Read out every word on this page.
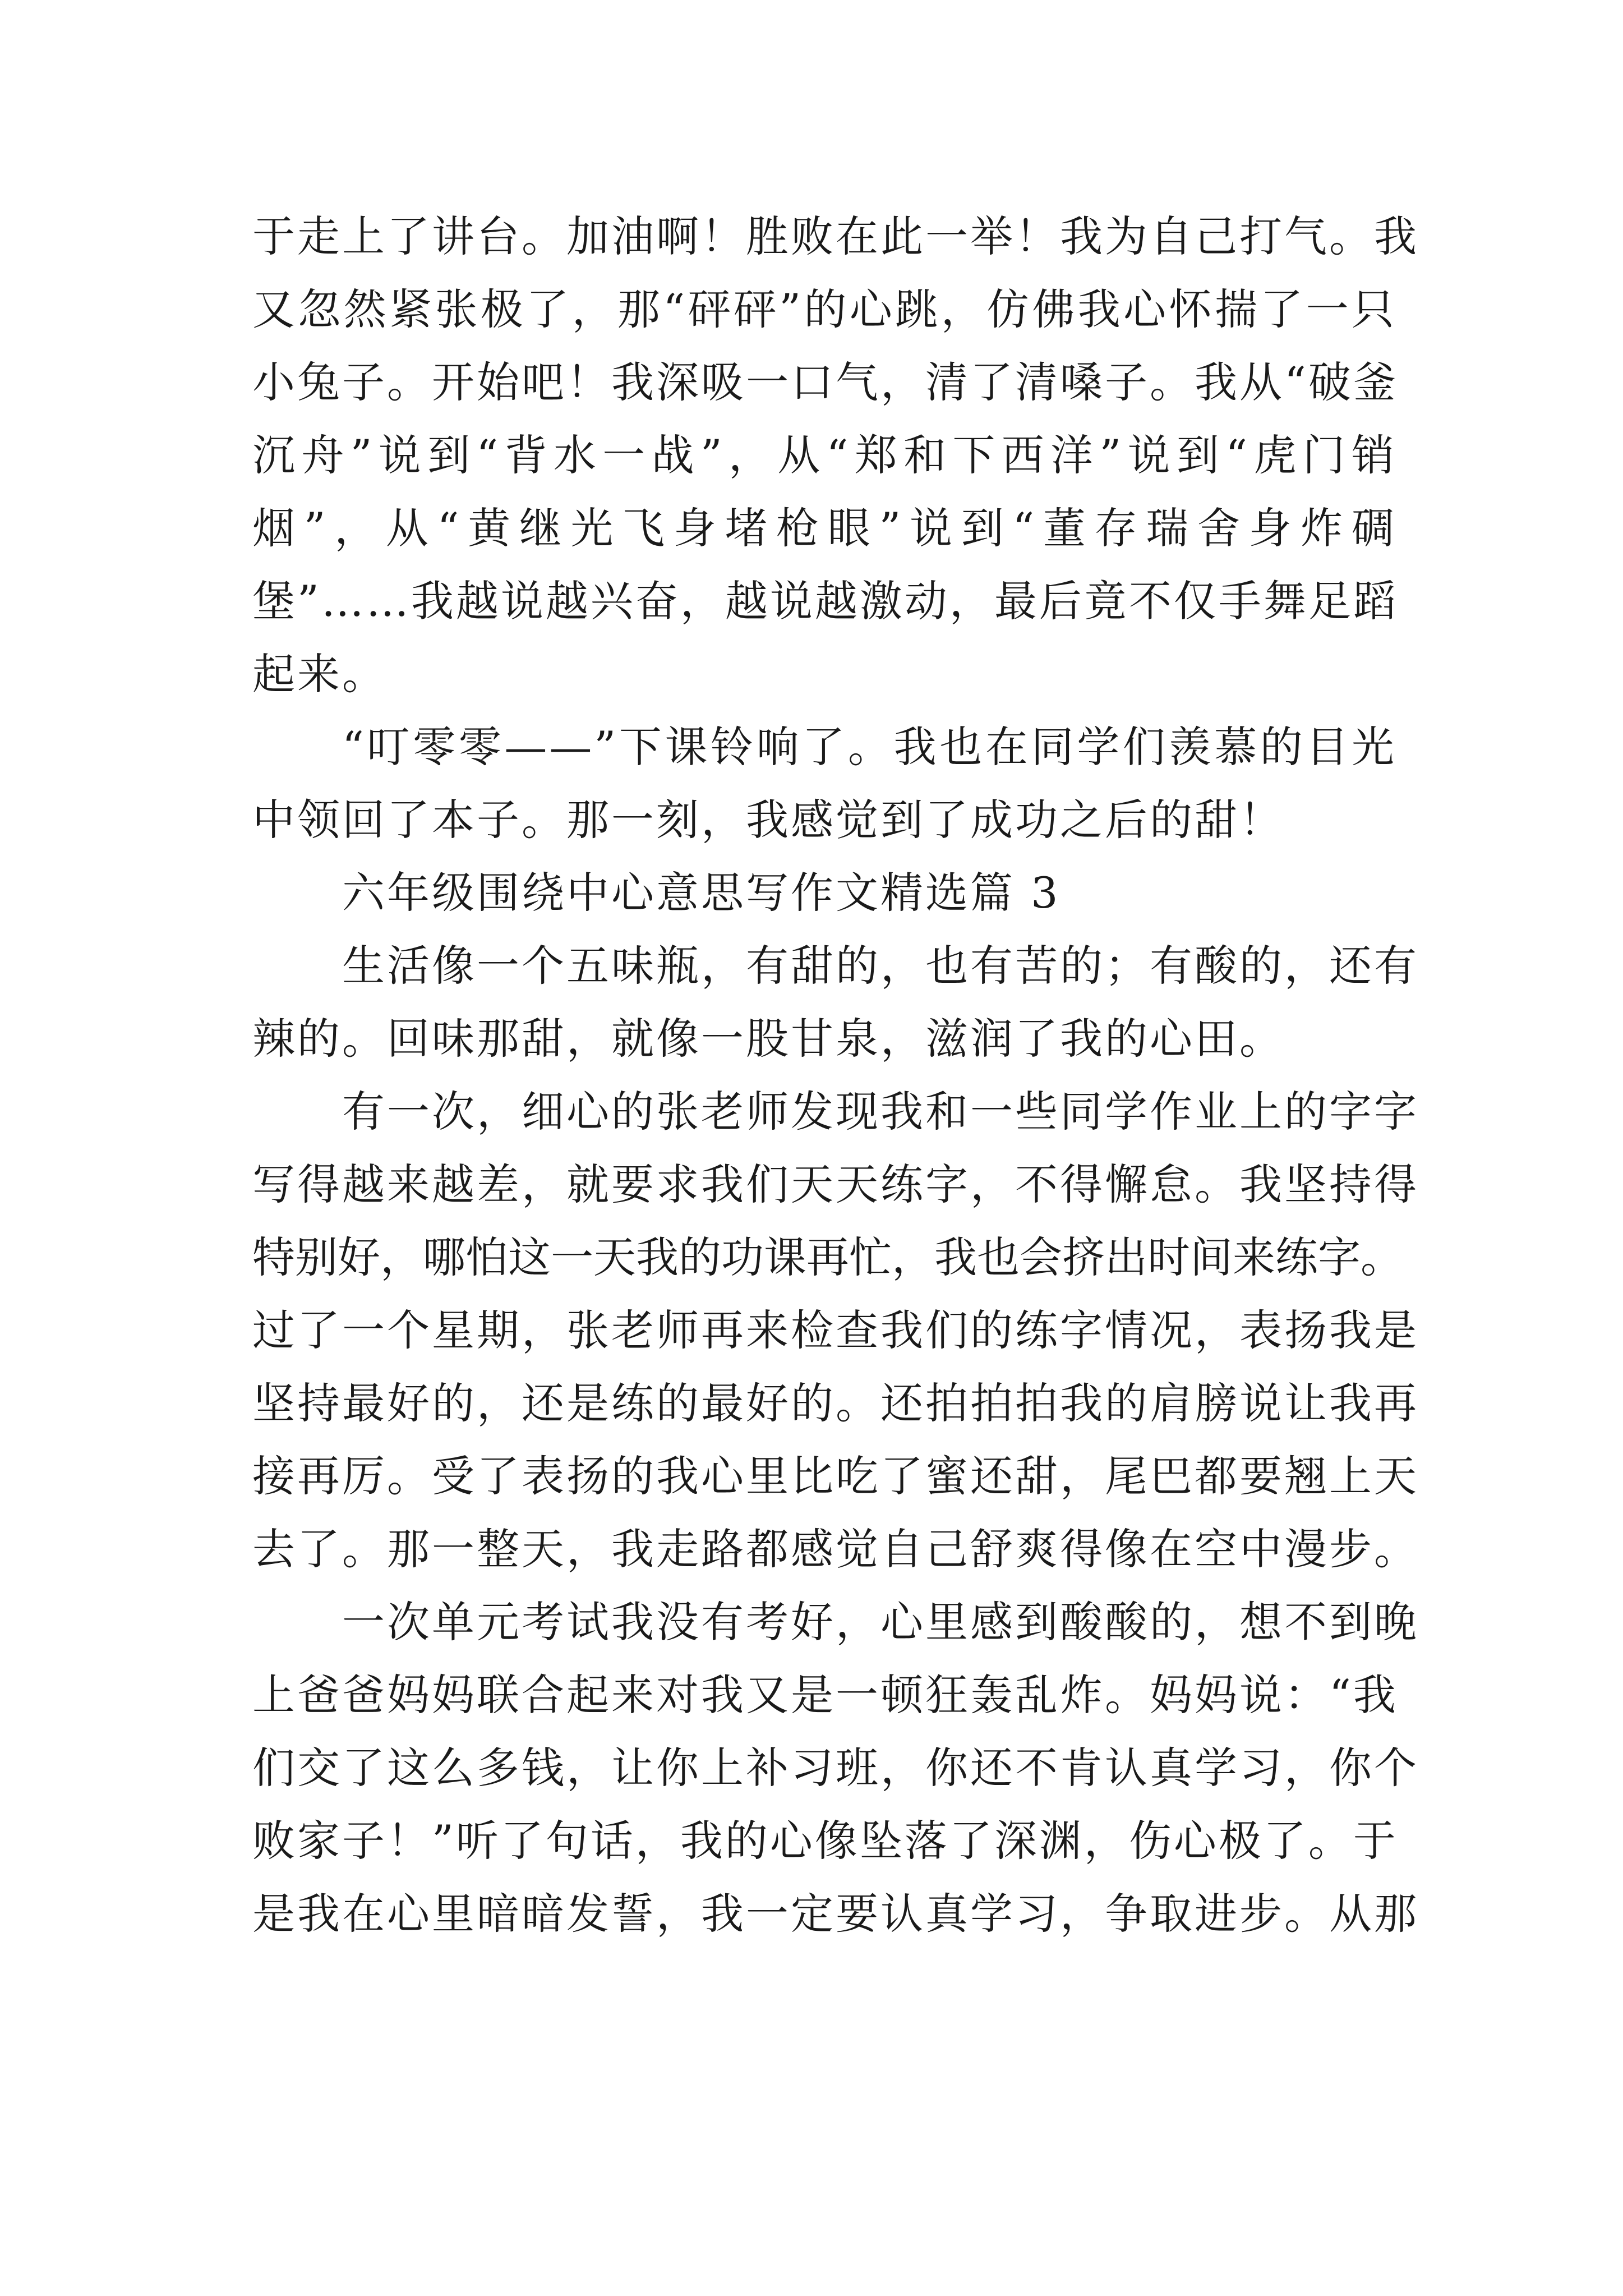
于走上了讲台。加油啊！胜败在此一举！我为自己打气。我
又忽然紧张极了，那“砰砰”的心跳，仿佛我心怀揣了一只
小兔子。开始吧！我深吸一口气，清了清嗓子。我从“破釜
沉舟”说到“背水一战”，从“郑和下西洋”说到“虎门销
烟”，从“黄继光飞身堵枪眼”说到“董存瑞舍身炸碉
堡”……我越说越兴奋，越说越激动，最后竟不仅手舞足蹈
起来。
“叮零零——”下课铃响了。我也在同学们羡慕的目光
中领回了本子。那一刻，我感觉到了成功之后的甜！
六年级围绕中心意思写作文精选篇 3
生活像一个五味瓶，有甜的，也有苦的；有酸的，还有
辣的。回味那甜，就像一股甘泉，滋润了我的心田。
有一次，细心的张老师发现我和一些同学作业上的字字
写得越来越差，就要求我们天天练字，不得懈怠。我坚持得
特别好，哪怕这一天我的功课再忙，我也会挤出时间来练字。
过了一个星期，张老师再来检查我们的练字情况，表扬我是
坚持最好的，还是练的最好的。还拍拍拍我的肩膀说让我再
接再厉。受了表扬的我心里比吃了蜜还甜，尾巴都要翘上天
去了。那一整天，我走路都感觉自己舒爽得像在空中漫步。
一次单元考试我没有考好，心里感到酸酸的，想不到晚
上爸爸妈妈联合起来对我又是一顿狂轰乱炸。妈妈说：“我
们交了这么多钱，让你上补习班，你还不肯认真学习，你个
败家子！”听了句话，我的心像坠落了深渊，伤心极了。于
是我在心里暗暗发誓，我一定要认真学习，争取进步。从那
